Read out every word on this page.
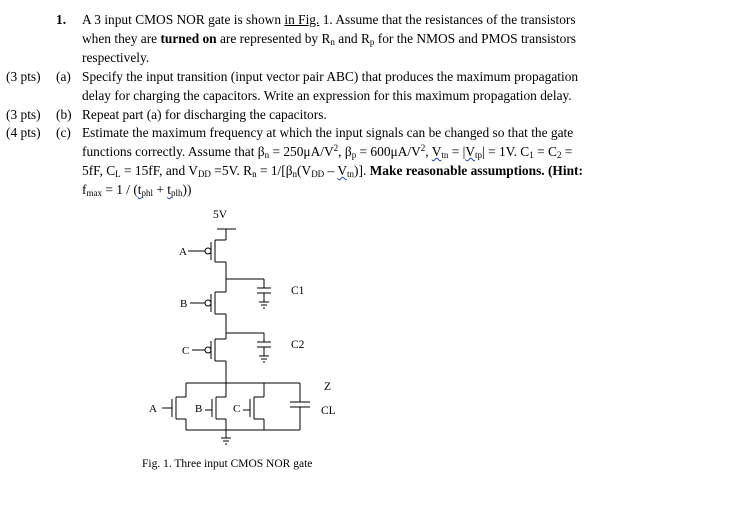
1. A 3 input CMOS NOR gate is shown in Fig. 1. Assume that the resistances of the transistors
when they are turned on are represented by $R_n$ and $R_p$ for the NMOS and PMOS transistors
respectively.
(3 pts) (a) Specify the input transition (input vector pair ABC) that produces the maximum propagation
delay for charging the capacitors. Write an expression for this maximum propagation delay.
(3 pts) (b) Repeat part (a) for discharging the capacitors.
(4 pts) (c) Estimate the maximum frequency at which the input signals can be changed so that the gate
functions correctly. Assume that $\beta_n = 250\mu A/V^2$, $\beta_p = 600\mu A/V^2$, $V_{tn} = |V_{tp}| = 1V$. $C_1 = C_2$ =
5fF, $C_L = 15fF$, and $V_{DD} =5V$. $R_n = 1/[\beta_n(V_{DD} - V_{tn})]$. Make reasonable assumptions. (Hint:
$f_{max} = 1 / (t_{phl} + t_{plh})$)
5V
A
C1
B
C2
C
Z
A	B	C	CL
Fig. 1. Three input CMOS NOR gate
